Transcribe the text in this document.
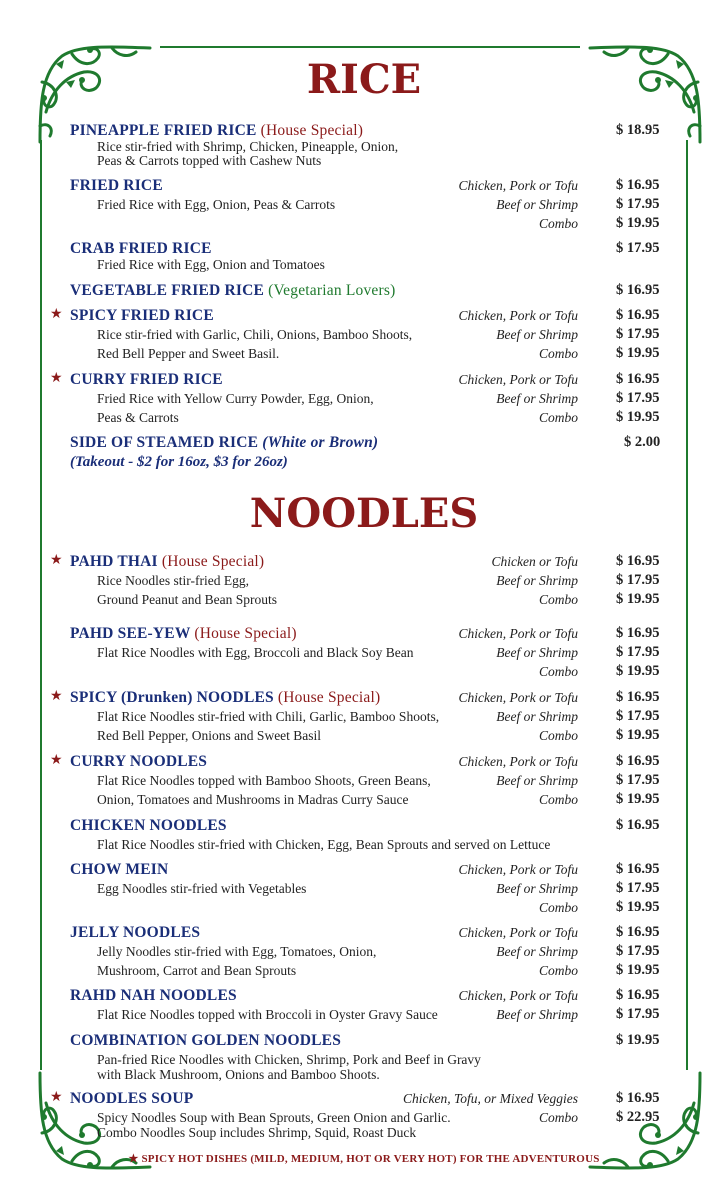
RICE
PINEAPPLE FRIED RICE (House Special)	$ 18.95
Rice stir-fried with Shrimp, Chicken, Pineapple, Onion,
Peas & Carrots topped with Cashew Nuts
FRIED RICE	Chicken, Pork or Tofu	$ 16.95
Fried Rice with Egg, Onion, Peas & Carrots	Beef or Shrimp	$ 17.95
Combo	$ 19.95
CRAB FRIED RICE	$ 17.95
Fried Rice with Egg, Onion and Tomatoes
VEGETABLE FRIED RICE (Vegetarian Lovers)	$ 16.95
★ SPICY FRIED RICE	Chicken, Pork or Tofu	$ 16.95
Rice stir-fried with Garlic, Chili, Onions, Bamboo Shoots,	Beef or Shrimp	$ 17.95
Red Bell Pepper and Sweet Basil.	Combo	$ 19.95
★ CURRY FRIED RICE	Chicken, Pork or Tofu	$ 16.95
Fried Rice with Yellow Curry Powder, Egg, Onion,	Beef or Shrimp	$ 17.95
Peas & Carrots	Combo	$ 19.95
SIDE OF STEAMED RICE (White or Brown)	$ 2.00
(Takeout - $2 for 16oz, $3 for 26oz)
NOODLES
★ PAHD THAI (House Special)	Chicken or Tofu	$ 16.95
Rice Noodles stir-fried Egg,	Beef or Shrimp	$ 17.95
Ground Peanut and Bean Sprouts	Combo	$ 19.95
PAHD SEE-YEW (House Special)	Chicken, Pork or Tofu	$ 16.95
Flat Rice Noodles with Egg, Broccoli and Black Soy Bean	Beef or Shrimp	$ 17.95
Combo	$ 19.95
★ SPICY (Drunken) NOODLES (House Special)	Chicken, Pork or Tofu	$ 16.95
Flat Rice Noodles stir-fried with Chili, Garlic, Bamboo Shoots,	Beef or Shrimp	$ 17.95
Red Bell Pepper, Onions and Sweet Basil	Combo	$ 19.95
★ CURRY NOODLES	Chicken, Pork or Tofu	$ 16.95
Flat Rice Noodles topped with Bamboo Shoots, Green Beans,	Beef or Shrimp	$ 17.95
Onion, Tomatoes and Mushrooms in Madras Curry Sauce	Combo	$ 19.95
CHICKEN NOODLES	$ 16.95
Flat Rice Noodles stir-fried with Chicken, Egg, Bean Sprouts and served on Lettuce
CHOW MEIN	Chicken, Pork or Tofu	$ 16.95
Egg Noodles stir-fried with Vegetables	Beef or Shrimp	$ 17.95
Combo	$ 19.95
JELLY NOODLES	Chicken, Pork or Tofu	$ 16.95
Jelly Noodles stir-fried with Egg, Tomatoes, Onion,	Beef or Shrimp	$ 17.95
Mushroom, Carrot and Bean Sprouts	Combo	$ 19.95
RAHD NAH NOODLES	Chicken, Pork or Tofu	$ 16.95
Flat Rice Noodles topped with Broccoli in Oyster Gravy Sauce	Beef or Shrimp	$ 17.95
COMBINATION GOLDEN NOODLES	$ 19.95
Pan-fried Rice Noodles with Chicken, Shrimp, Pork and Beef in Gravy
with Black Mushroom, Onions and Bamboo Shoots.
★ NOODLES SOUP	Chicken, Tofu, or Mixed Veggies	$ 16.95
Spicy Noodles Soup with Bean Sprouts, Green Onion and Garlic.	Combo	$ 22.95
Combo Noodles Soup includes Shrimp, Squid, Roast Duck
★ SPICY HOT DISHES (MILD, MEDIUM, HOT OR VERY HOT) FOR THE ADVENTUROUS
